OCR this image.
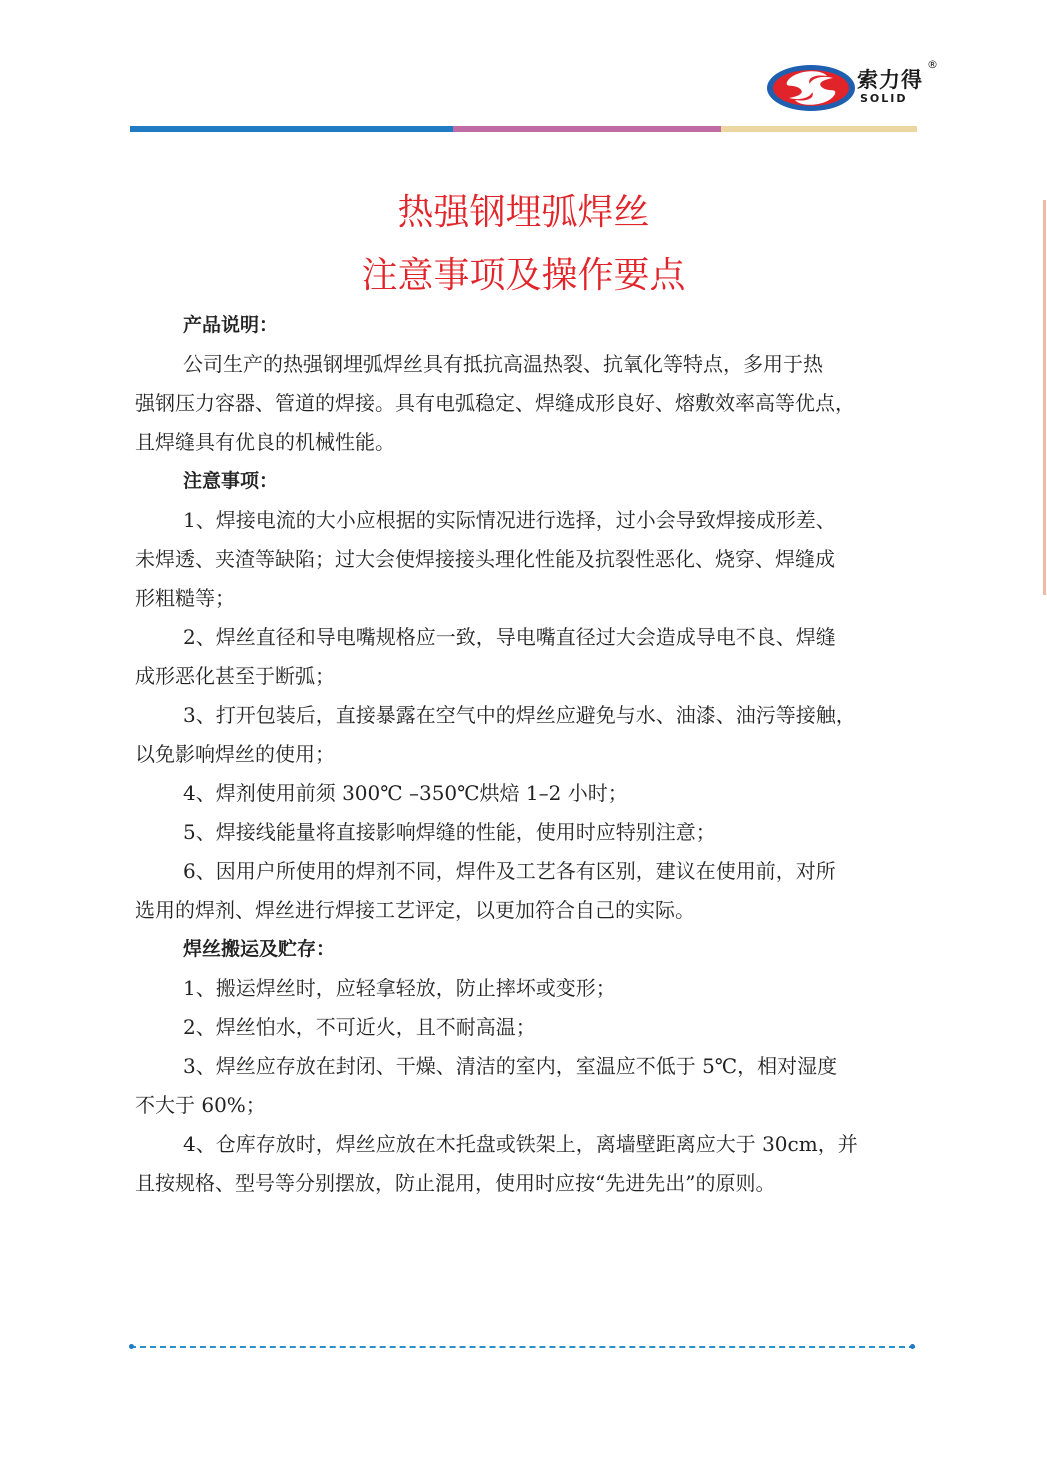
索力得
SOLID
®
热强钢埋弧焊丝
注意事项及操作要点
产品说明：

公司生产的热强钢埋弧焊丝具有抵抗高温热裂、抗氧化等特点，多用于热

强钢压力容器、管道的焊接。具有电弧稳定、焊缝成形良好、熔敷效率高等优点，

且焊缝具有优良的机械性能。

注意事项：

1、焊接电流的大小应根据的实际情况进行选择，过小会导致焊接成形差、

未焊透、夹渣等缺陷；过大会使焊接接头理化性能及抗裂性恶化、烧穿、焊缝成

形粗糙等；

2、焊丝直径和导电嘴规格应一致，导电嘴直径过大会造成导电不良、焊缝

成形恶化甚至于断弧；

3、打开包装后，直接暴露在空气中的焊丝应避免与水、油漆、油污等接触，

以免影响焊丝的使用；

4、焊剂使用前须 300℃ –350℃烘焙 1–2 小时；

5、焊接线能量将直接影响焊缝的性能，使用时应特别注意；

6、因用户所使用的焊剂不同，焊件及工艺各有区别，建议在使用前，对所

选用的焊剂、焊丝进行焊接工艺评定，以更加符合自己的实际。

焊丝搬运及贮存：

1、搬运焊丝时，应轻拿轻放，防止摔坏或变形；

2、焊丝怕水，不可近火，且不耐高温；

3、焊丝应存放在封闭、干燥、清洁的室内，室温应不低于 5℃，相对湿度

不大于 60%；

4、仓库存放时，焊丝应放在木托盘或铁架上，离墙壁距离应大于 30cm，并

且按规格、型号等分别摆放，防止混用，使用时应按“先进先出”的原则。
